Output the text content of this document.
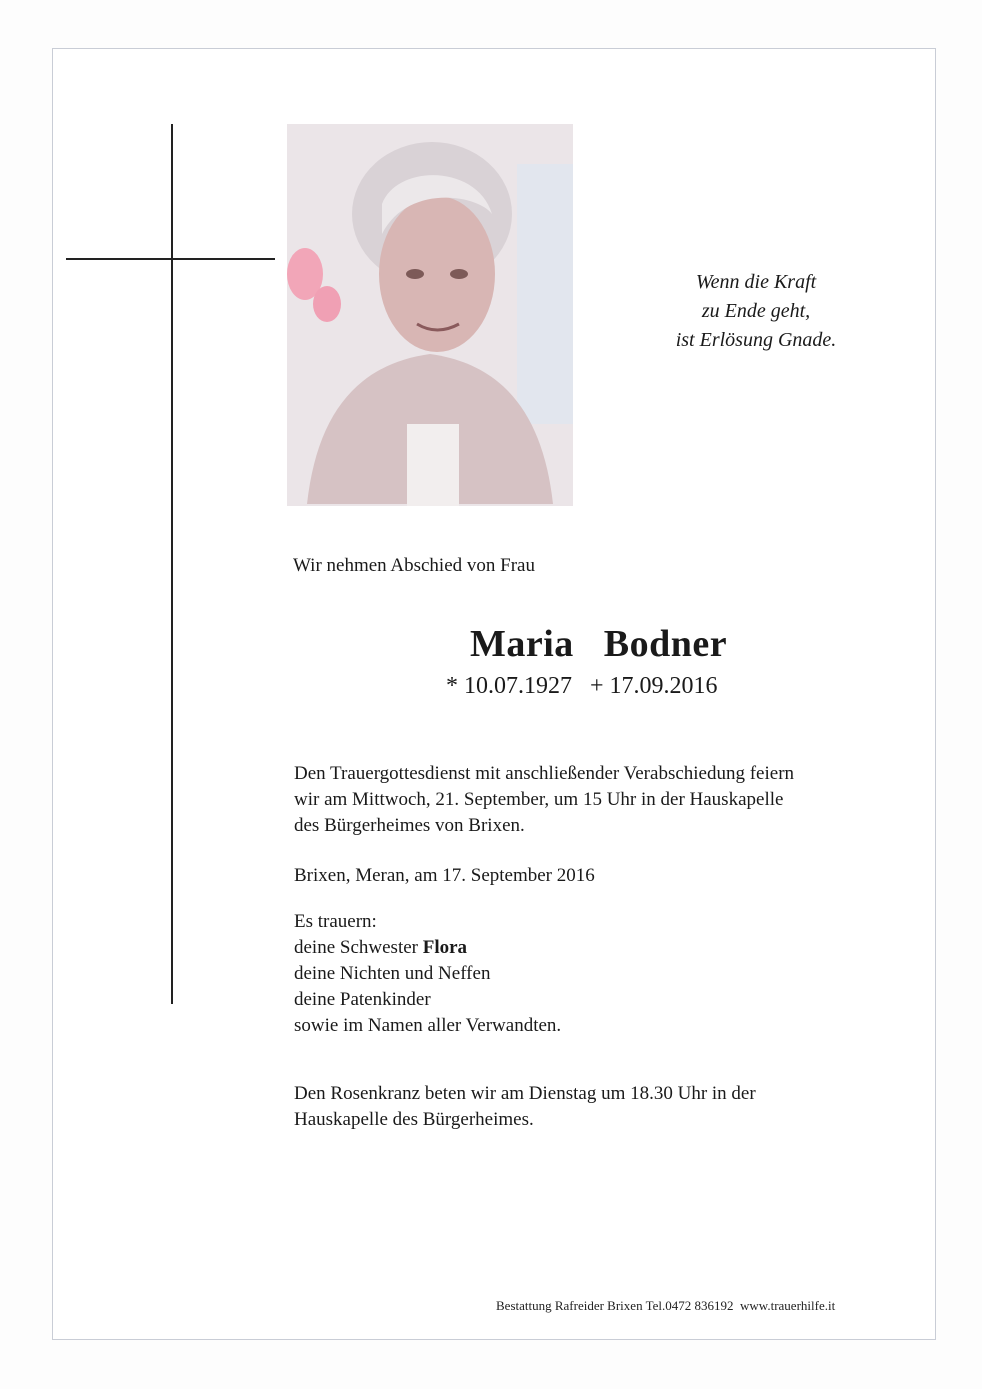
Wenn die Kraft
zu Ende geht,
ist Erlösung Gnade.
Wir nehmen Abschied von Frau
Maria Bodner
* 10.07.1927 + 17.09.2016
Den Trauergottesdienst mit anschließender Verabschiedung feiern
wir am Mittwoch, 21. September, um 15 Uhr in der Hauskapelle
des Bürgerheimes von Brixen.
Brixen, Meran, am 17. September 2016
Es trauern:
deine Schwester Flora
deine Nichten und Neffen
deine Patenkinder
sowie im Namen aller Verwandten.
Den Rosenkranz beten wir am Dienstag um 18.30 Uhr in der
Hauskapelle des Bürgerheimes.
Bestattung Rafreider Brixen Tel.0472 836192 www.trauerhilfe.it
